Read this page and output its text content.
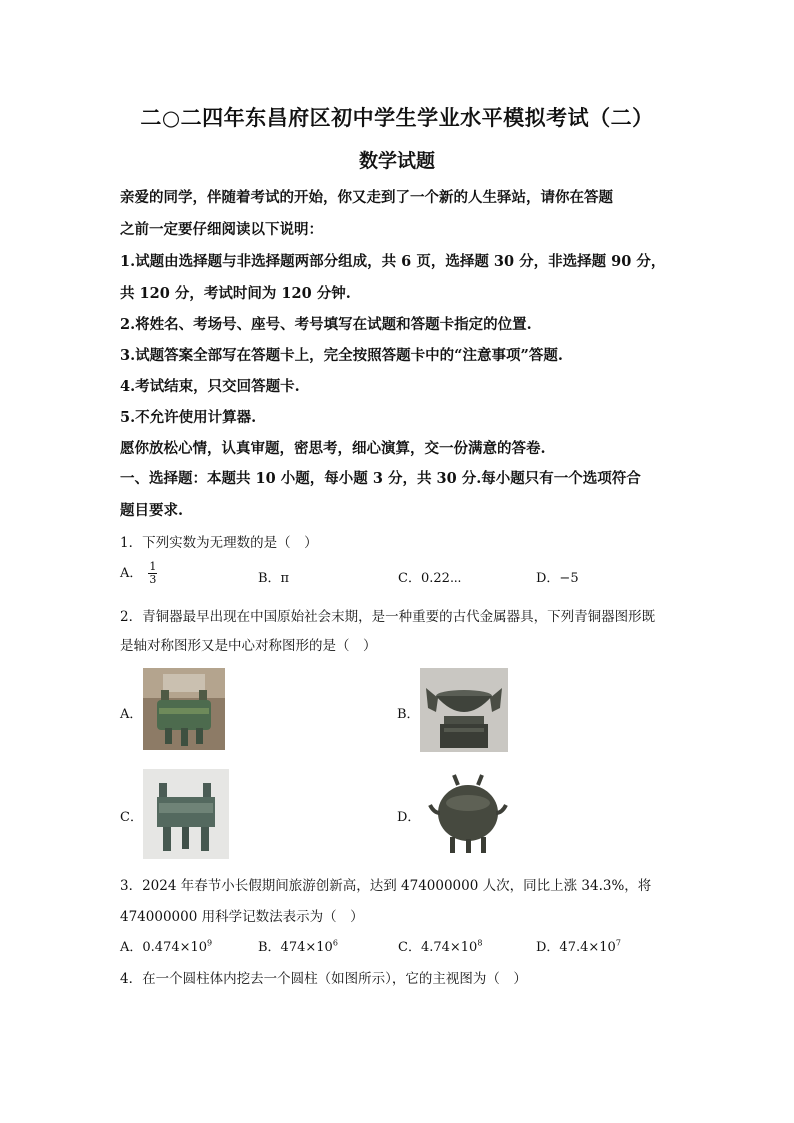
二○二四年东昌府区初中学生学业水平模拟考试（二）
数学试题
亲爱的同学，伴随着考试的开始，你又走到了一个新的人生驿站，请你在答题
之前一定要仔细阅读以下说明：
1.试题由选择题与非选择题两部分组成，共 6 页，选择题 30 分，非选择题 90 分，
共 120 分，考试时间为 120 分钟.
2.将姓名、考场号、座号、考号填写在试题和答题卡指定的位置.
3.试题答案全部写在答题卡上，完全按照答题卡中的“注意事项”答题.
4.考试结束，只交回答题卡.
5.不允许使用计算器.
愿你放松心情，认真审题，密思考，细心演算，交一份满意的答卷.
一、选择题：本题共 10 小题，每小题 3 分，共 30 分.每小题只有一个选项符合
题目要求.
1．下列实数为无理数的是（　）
A． $\frac{1}{3}$	B．π	C．0.22⋯	D．−5
2．青铜器最早出现在中国原始社会末期，是一种重要的古代金属器具，下列青铜器图形既
是轴对称图形又是中心对称图形的是（　）
A．	B．
C．	D．
3．2024 年春节小长假期间旅游创新高，达到 474000000 人次，同比上涨 34.3%，将
474000000 用科学记数法表示为（　）
A．$0.474\times 10^9$	B．$474\times 10^6$	C．$4.74\times 10^8$	D．$47.4\times 10^7$
4．在一个圆柱体内挖去一个圆柱（如图所示），它的主视图为（　）
